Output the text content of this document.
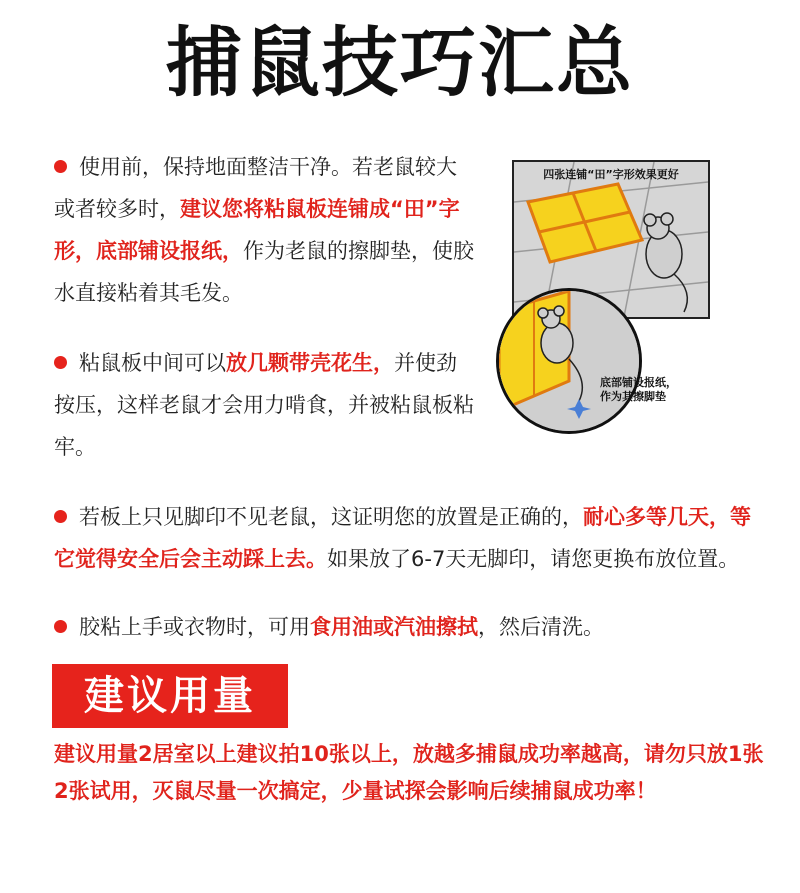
捕鼠技巧汇总

使用前，保持地面整洁干净。若老鼠较大或者较多时，建议您将粘鼠板连铺成“田”字形，底部铺设报纸，作为老鼠的擦脚垫，使胶水直接粘着其毛发。

粘鼠板中间可以放几颗带壳花生，并使劲按压，这样老鼠才会用力啃食，并被粘鼠板粘牢。

若板上只见脚印不见老鼠，这证明您的放置是正确的，耐心多等几天，等它觉得安全后会主动踩上去。如果放了6-7天无脚印，请您更换布放位置。

胶粘上手或衣物时，可用食用油或汽油擦拭，然后清洗。

四张连铺“田”字形效果更好
底部铺设报纸，
作为其擦脚垫
建议用量
建议用量2居室以上建议拍10张以上，放越多捕鼠成功率越高，请勿只放1张2张试用，灭鼠尽量一次搞定，少量试探会影响后续捕鼠成功率！
